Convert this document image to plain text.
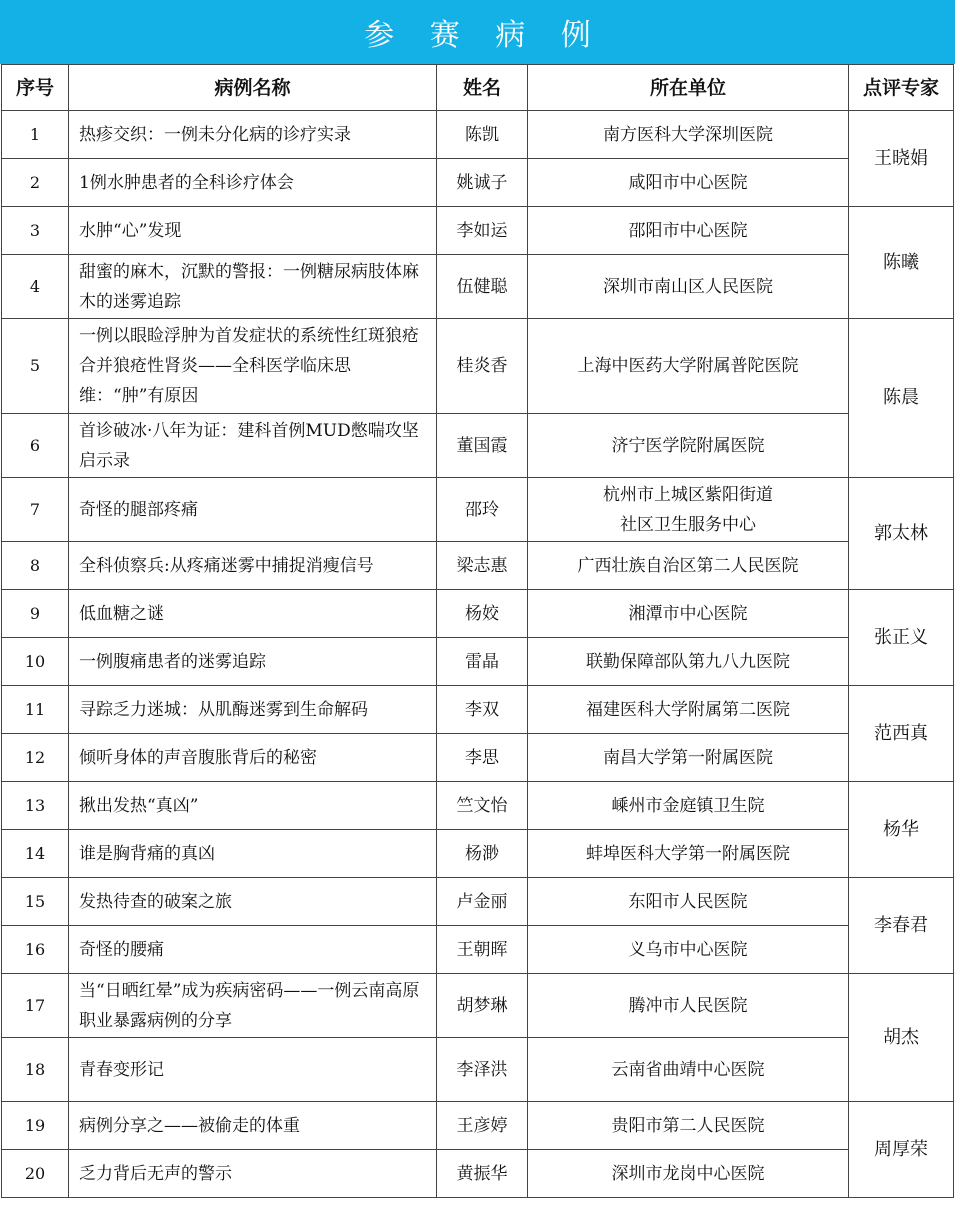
参 赛 病 例
序号	病例名称	姓名	所在单位	点评专家
1	热疹交织：一例未分化病的诊疗实录	陈凯	南方医科大学深圳医院	王晓娟
2	1例水肿患者的全科诊疗体会	姚诚子	咸阳市中心医院	
3	水肿“心”发现	李如运	邵阳市中心医院	陈曦
4	甜蜜的麻木，沉默的警报：一例糖尿病肢体麻木的迷雾追踪	伍健聪	深圳市南山区人民医院	
5	一例以眼睑浮肿为首发症状的系统性红斑狼疮合并狼疮性肾炎——全科医学临床思维：“肿”有原因	桂炎香	上海中医药大学附属普陀医院	陈晨
6	首诊破冰·八年为证：建科首例MUD憋喘攻坚启示录	董国霞	济宁医学院附属医院	
7	奇怪的腿部疼痛	邵玲	杭州市上城区紫阳街道
社区卫生服务中心	郭太林
8	全科侦察兵:从疼痛迷雾中捕捉消瘦信号	梁志惠	广西壮族自治区第二人民医院	
9	低血糖之谜	杨姣	湘潭市中心医院	张正义
10	一例腹痛患者的迷雾追踪	雷晶	联勤保障部队第九八九医院	
11	寻踪乏力迷城：从肌酶迷雾到生命解码	李双	福建医科大学附属第二医院	范西真
12	倾听身体的声音腹胀背后的秘密	李思	南昌大学第一附属医院	
13	揪出发热“真凶”	竺文怡	嵊州市金庭镇卫生院	杨华
14	谁是胸背痛的真凶	杨渺	蚌埠医科大学第一附属医院	
15	发热待查的破案之旅	卢金丽	东阳市人民医院	李春君
16	奇怪的腰痛	王朝晖	义乌市中心医院	
17	当“日晒红晕”成为疾病密码——一例云南高原职业暴露病例的分享	胡梦琳	腾冲市人民医院	胡杰
18	青春变形记	李泽洪	云南省曲靖中心医院	
19	病例分享之——被偷走的体重	王彦婷	贵阳市第二人民医院	周厚荣
20	乏力背后无声的警示	黄振华	深圳市龙岗中心医院	
